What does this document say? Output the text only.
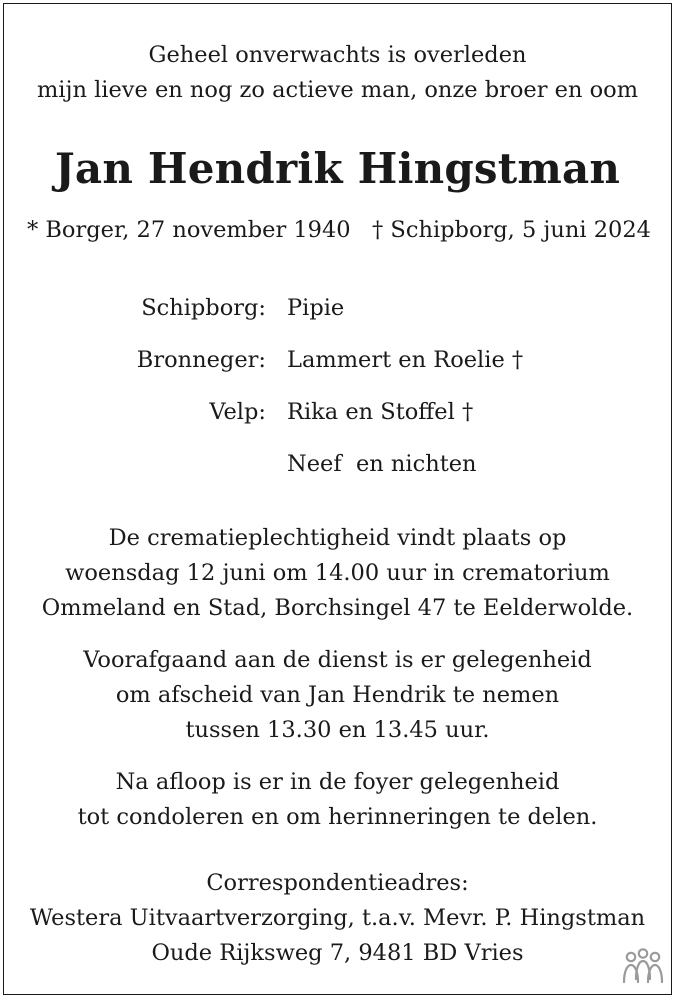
Geheel onverwachts is overleden
mijn lieve en nog zo actieve man, onze broer en oom
Jan Hendrik Hingstman
* Borger, 27 november 1940 † Schipborg, 5 juni 2024
Schipborg: Pipie
Bronneger: Lammert en Roelie †
Velp: Rika en Stoffel †
Neef  en nichten
De crematieplechtigheid vindt plaats op
woensdag 12 juni om 14.00 uur in crematorium
Ommeland en Stad, Borchsingel 47 te Eelderwolde.
Voorafgaand aan de dienst is er gelegenheid
om afscheid van Jan Hendrik te nemen
tussen 13.30 en 13.45 uur.
Na afloop is er in de foyer gelegenheid
tot condoleren en om herinneringen te delen.
Correspondentieadres:
Westera Uitvaartverzorging, t.a.v. Mevr. P. Hingstman
Oude Rijksweg 7, 9481 BD Vries
